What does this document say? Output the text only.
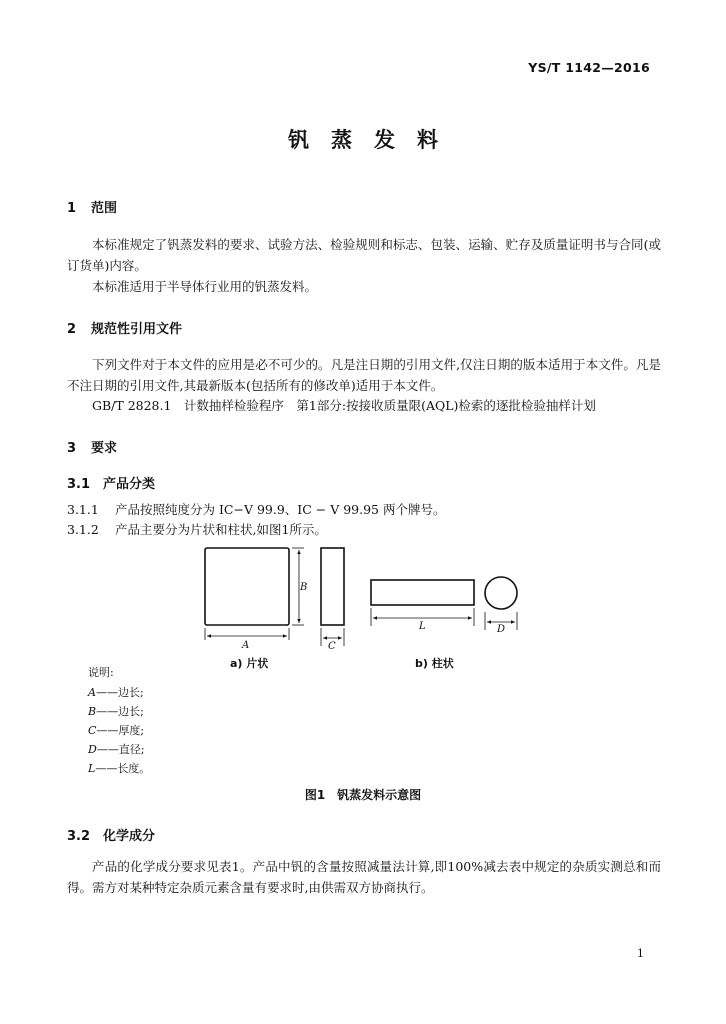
YS/T 1142—2016
钒蒸发料
1 范围
本标准规定了钒蒸发料的要求、试验方法、检验规则和标志、包装、运输、贮存及质量证明书与合同(或订货单)内容。
本标准适用于半导体行业用的钒蒸发料。
2 规范性引用文件
下列文件对于本文件的应用是必不可少的。凡是注日期的引用文件,仅注日期的版本适用于本文件。凡是不注日期的引用文件,其最新版本(包括所有的修改单)适用于本文件。
GB/T 2828.1　计数抽样检验程序　第1部分:按接收质量限(AQL)检索的逐批检验抽样计划
3 要求
3.1 产品分类
3.1.1 产品按照纯度分为 IC−V 99.9、IC − V 99.95 两个牌号。
3.1.2 产品主要分为片状和柱状,如图1所示。
A
B
C
L	D
a) 片状	b) 柱状
说明:
A——边长;
B——边长;
C——厚度;
D——直径;
L——长度。
图1　钒蒸发料示意图
3.2 化学成分
产品的化学成分要求见表1。产品中钒的含量按照减量法计算,即100%减去表中规定的杂质实测总和而得。需方对某种特定杂质元素含量有要求时,由供需双方协商执行。
1
